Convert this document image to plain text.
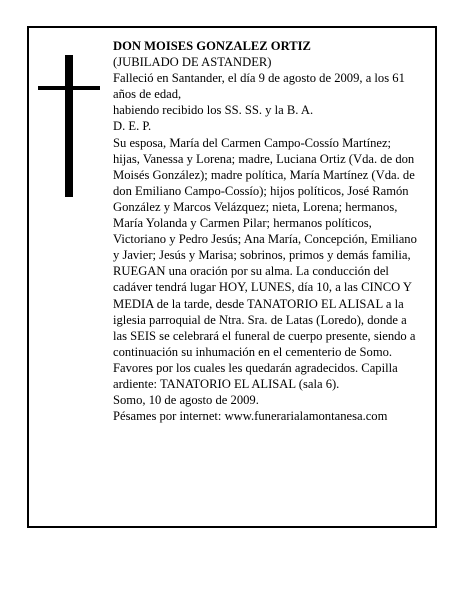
DON MOISES GONZALEZ ORTIZ

(JUBILADO DE ASTANDER)

Falleció en Santander, el día 9 de agosto de 2009, a los 61 años de edad,

habiendo recibido los SS. SS. y la B. A.

D. E. P.

Su esposa, María del Carmen Campo-Cossío Martínez; hijas, Vanessa y Lorena; madre, Luciana Ortiz (Vda. de don Moisés González); madre política, María Martínez (Vda. de don Emiliano Campo-Cossío); hijos políticos, José Ramón González y Marcos Velázquez; nieta, Lorena; hermanos, María Yolanda y Carmen Pilar; hermanos políticos, Victoriano y Pedro Jesús; Ana María, Concepción, Emiliano y Javier; Jesús y Marisa; sobrinos, primos y demás familia,

RUEGAN una oración por su alma. La conducción del cadáver tendrá lugar HOY, LUNES, día 10, a las CINCO Y MEDIA de la tarde, desde TANATORIO EL ALISAL a la iglesia parroquial de Ntra. Sra. de Latas (Loredo), donde a las SEIS se celebrará el funeral de cuerpo presente, siendo a continuación su inhumación en el cementerio de Somo. Favores por los cuales les quedarán agradecidos. Capilla ardiente: TANATORIO EL ALISAL (sala 6).

Somo, 10 de agosto de 2009.

Pésames por internet: www.funerarialamontanesa.com
